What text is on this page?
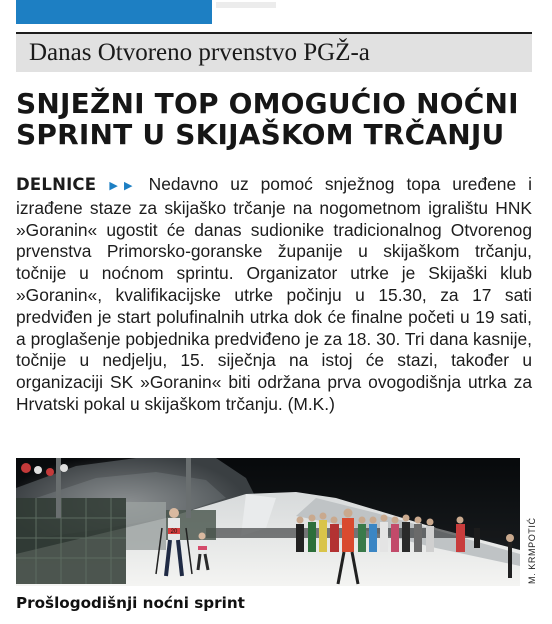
Danas Otvoreno prvenstvo PGŽ-a
SNJEŽNI TOP OMOGUĆIO NOĆNI SPRINT U SKIJAŠKOM TRČANJU

DELNICE ▶▶ Nedavno uz pomoć snježnog topa uređene i izrađene staze za skijaško trčanje na nogometnom igralištu HNK »Goranin« ugostit će danas sudionike tradicionalnog Otvorenog prvenstva Primorsko-goranske županije u skijaškom trčanju, točnije u noćnom sprintu. Organizator utrke je Skijaški klub »Goranin«, kvalifikacijske utrke počinju u 15.30, za 17 sati predviđen je start polufinalnih utrka dok će finalne početi u 19 sati, a proglašenje pobjednika predviđeno je za 18. 30. Tri dana kasnije, točnije u nedjelju, 15. siječnja na istoj će stazi, također u organizaciji SK »Goranin« biti održana prva ovogodišnja utrka za Hrvatski pokal u skijaškom trčanju. (M.K.)

20	M. KRMPOTIĆ
Prošlogodišnji noćni sprint
